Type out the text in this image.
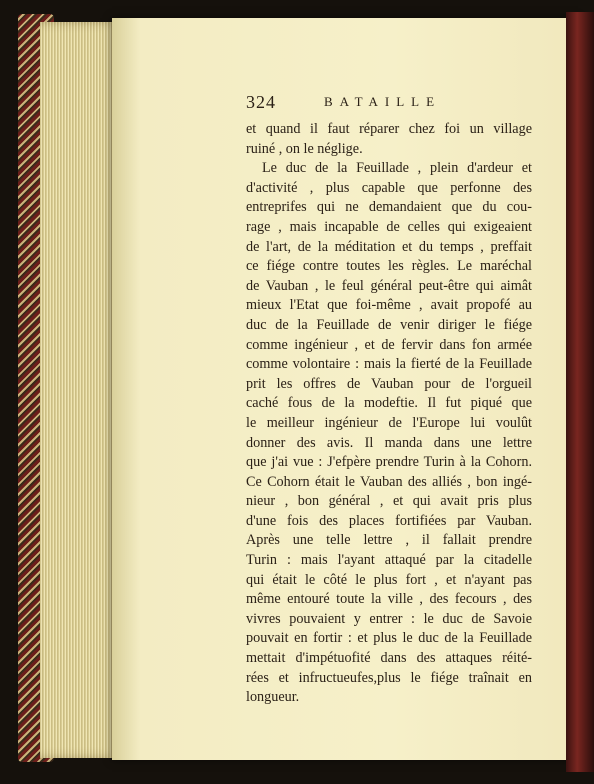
324	BATAILLE
et quand il faut réparer chez foi un village
ruiné , on le néglige.
Le duc de la Feuillade , plein d'ardeur et
d'activité , plus capable que perfonne des
entreprifes qui ne demandaient que du cou-
rage , mais incapable de celles qui exigeaient
de l'art, de la méditation et du temps , preffait
ce fiége contre toutes les règles. Le maréchal
de Vauban , le feul général peut-être qui aimât
mieux l'Etat que foi-même , avait propofé au
duc de la Feuillade de venir diriger le fiége
comme ingénieur , et de fervir dans fon armée
comme volontaire : mais la fierté de la Feuillade
prit les offres de Vauban pour de l'orgueil
caché fous de la modeftie. Il fut piqué que
le meilleur ingénieur de l'Europe lui voulût
donner des avis. Il manda dans une lettre
que j'ai vue : J'efpère prendre Turin à la Cohorn.
Ce Cohorn était le Vauban des alliés , bon ingé-
nieur , bon général , et qui avait pris plus
d'une fois des places fortifiées par Vauban.
Après une telle lettre , il fallait prendre
Turin : mais l'ayant attaqué par la citadelle
qui était le côté le plus fort , et n'ayant pas
même entouré toute la ville , des fecours , des
vivres pouvaient y entrer : le duc de Savoie
pouvait en fortir : et plus le duc de la Feuillade
mettait d'impétuofité dans des attaques réité-
rées et infructueufes,plus le fiége traînait en
longueur.
